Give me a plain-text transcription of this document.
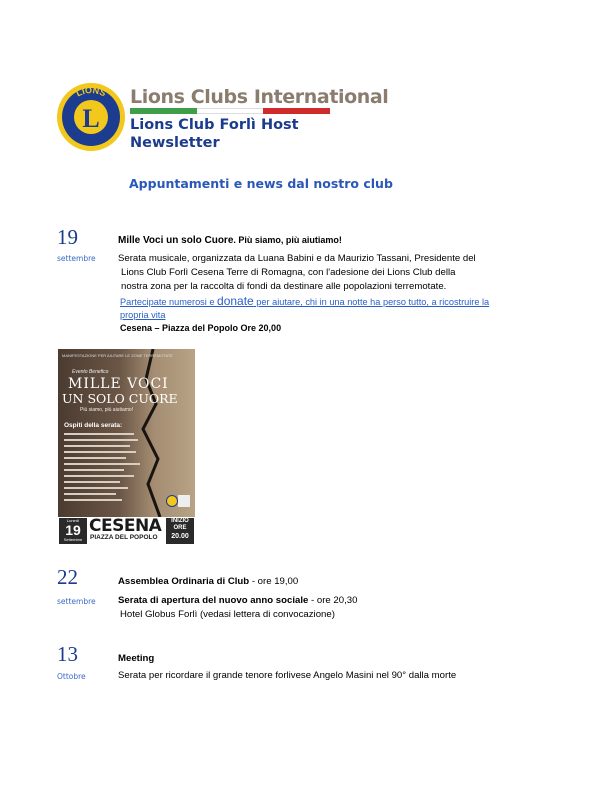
L
LIONS Lions Clubs International
Lions Club Forlì Host
Newsletter
Appuntamenti e news dal nostro club
19
settembre
Mille Voci un solo Cuore. Più siamo, più aiutiamo!
Serata musicale, organizzata da Luana Babini e da Maurizio Tassani, Presidente del
Lions Club Forlì Cesena Terre di Romagna, con l'adesione dei Lions Club della
nostra zona per la raccolta di fondi da destinare alle popolazioni terremotate.
Partecipate numerosi e donate per aiutare, chi in una notte ha perso tutto, a ricostruire la
propria vita
Cesena – Piazza del Popolo Ore 20,00
MANIFESTAZIONE PER AIUTARE LE ZONE TERREMOTATE
Evento Benefico
MILLE VOCI
UN SOLO CUORE
Più siamo, più aiutiamo!
Ospiti della serata:
Lunedì
19
Settembre
CESENA
PIAZZA DEL POPOLO
INIZIO
ORE
20.00
22
settembre
Assemblea Ordinaria di Club - ore 19,00
Serata di apertura del nuovo anno sociale - ore 20,30
Hotel Globus Forlì (vedasi lettera di convocazione)
13
Ottobre
Meeting
Serata per ricordare il grande tenore forlivese Angelo Masini nel 90° dalla morte
